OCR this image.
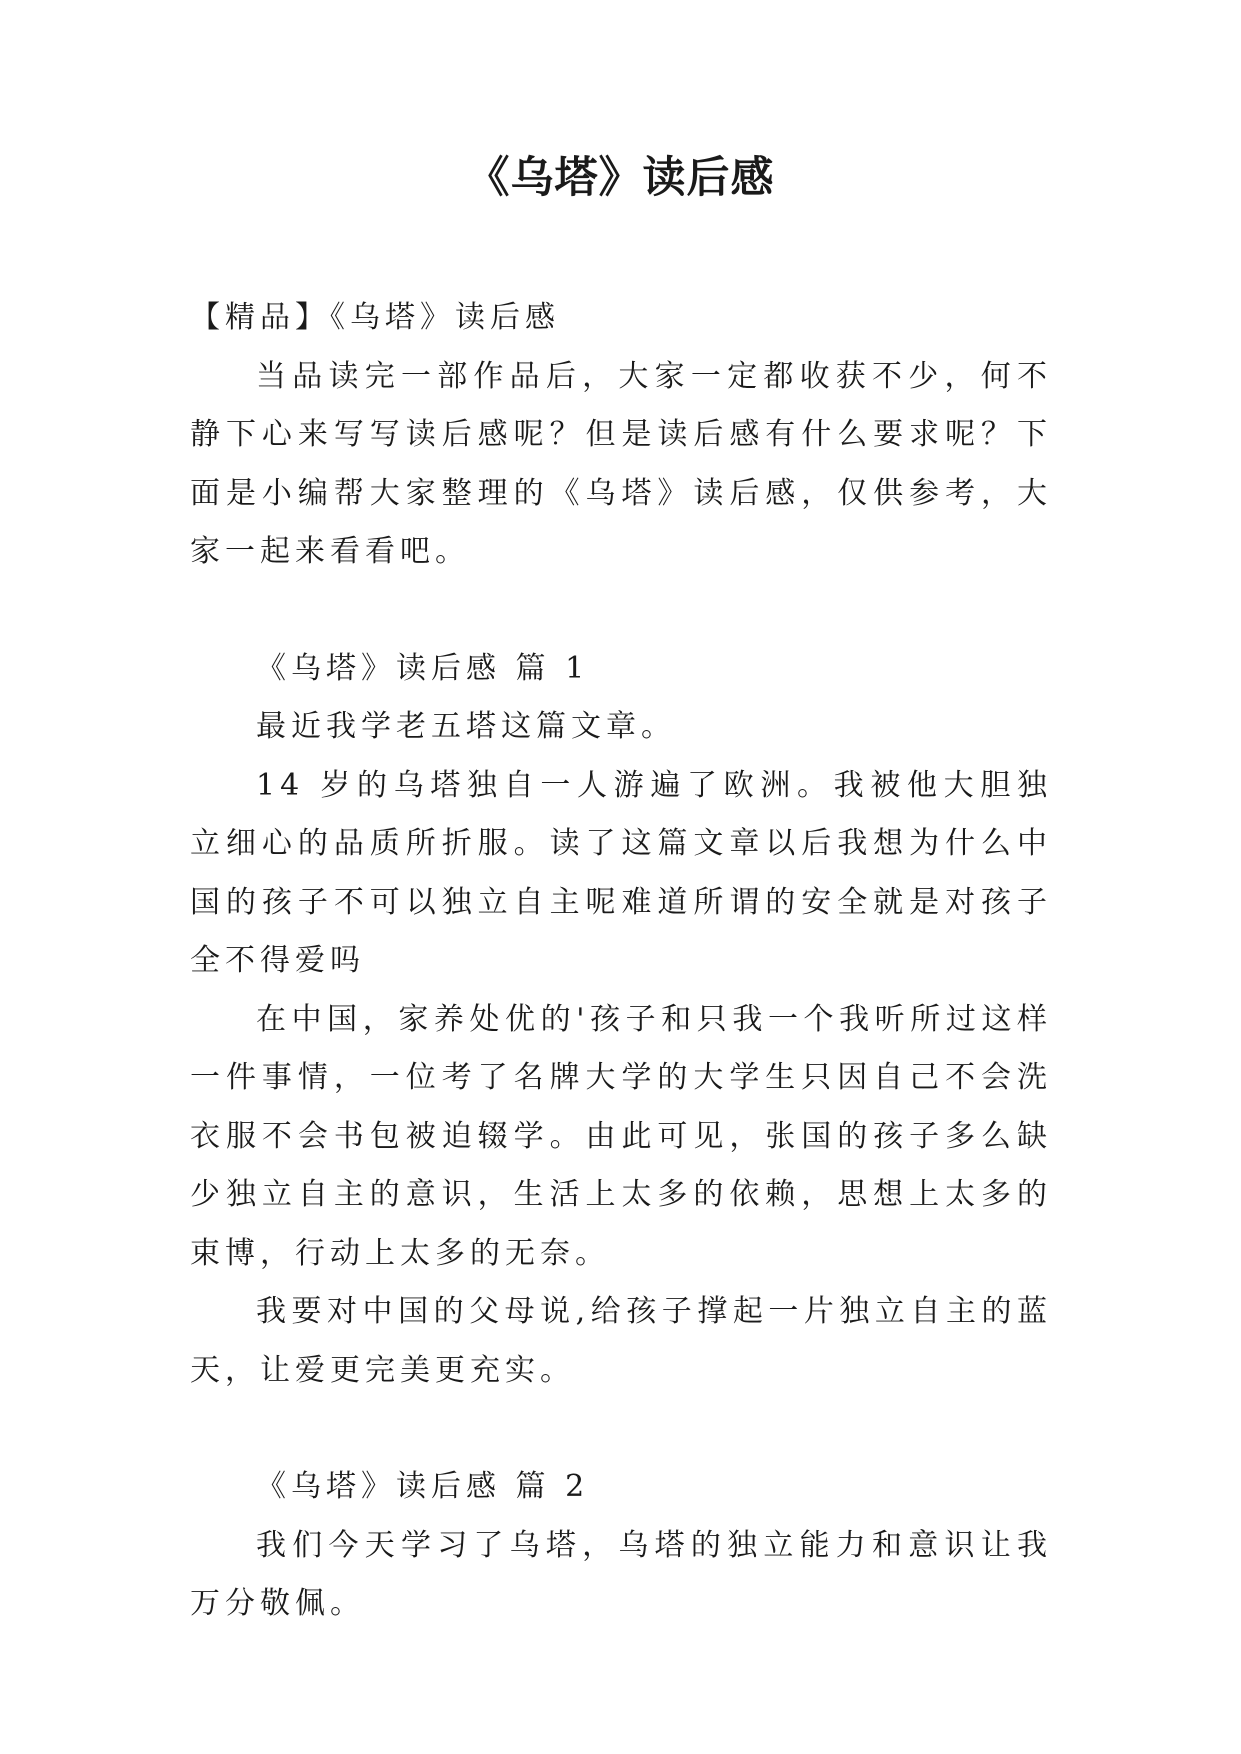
《乌塔》读后感

【精品】《乌塔》读后感

当品读完一部作品后，大家一定都收获不少，何不静下心来写写读后感呢？但是读后感有什么要求呢？下面是小编帮大家整理的《乌塔》读后感，仅供参考，大家一起来看看吧。

《乌塔》读后感 篇 1

最近我学老五塔这篇文章。

14 岁的乌塔独自一人游遍了欧洲。我被他大胆独立细心的品质所折服。读了这篇文章以后我想为什么中国的孩子不可以独立自主呢难道所谓的安全就是对孩子全不得爱吗

在中国，家养处优的'孩子和只我一个我听所过这样一件事情，一位考了名牌大学的大学生只因自己不会洗衣服不会书包被迫辍学。由此可见，张国的孩子多么缺少独立自主的意识，生活上太多的依赖，思想上太多的束博，行动上太多的无奈。

我要对中国的父母说,给孩子撑起一片独立自主的蓝天，让爱更完美更充实。

《乌塔》读后感 篇 2

我们今天学习了乌塔，乌塔的独立能力和意识让我万分敬佩。
